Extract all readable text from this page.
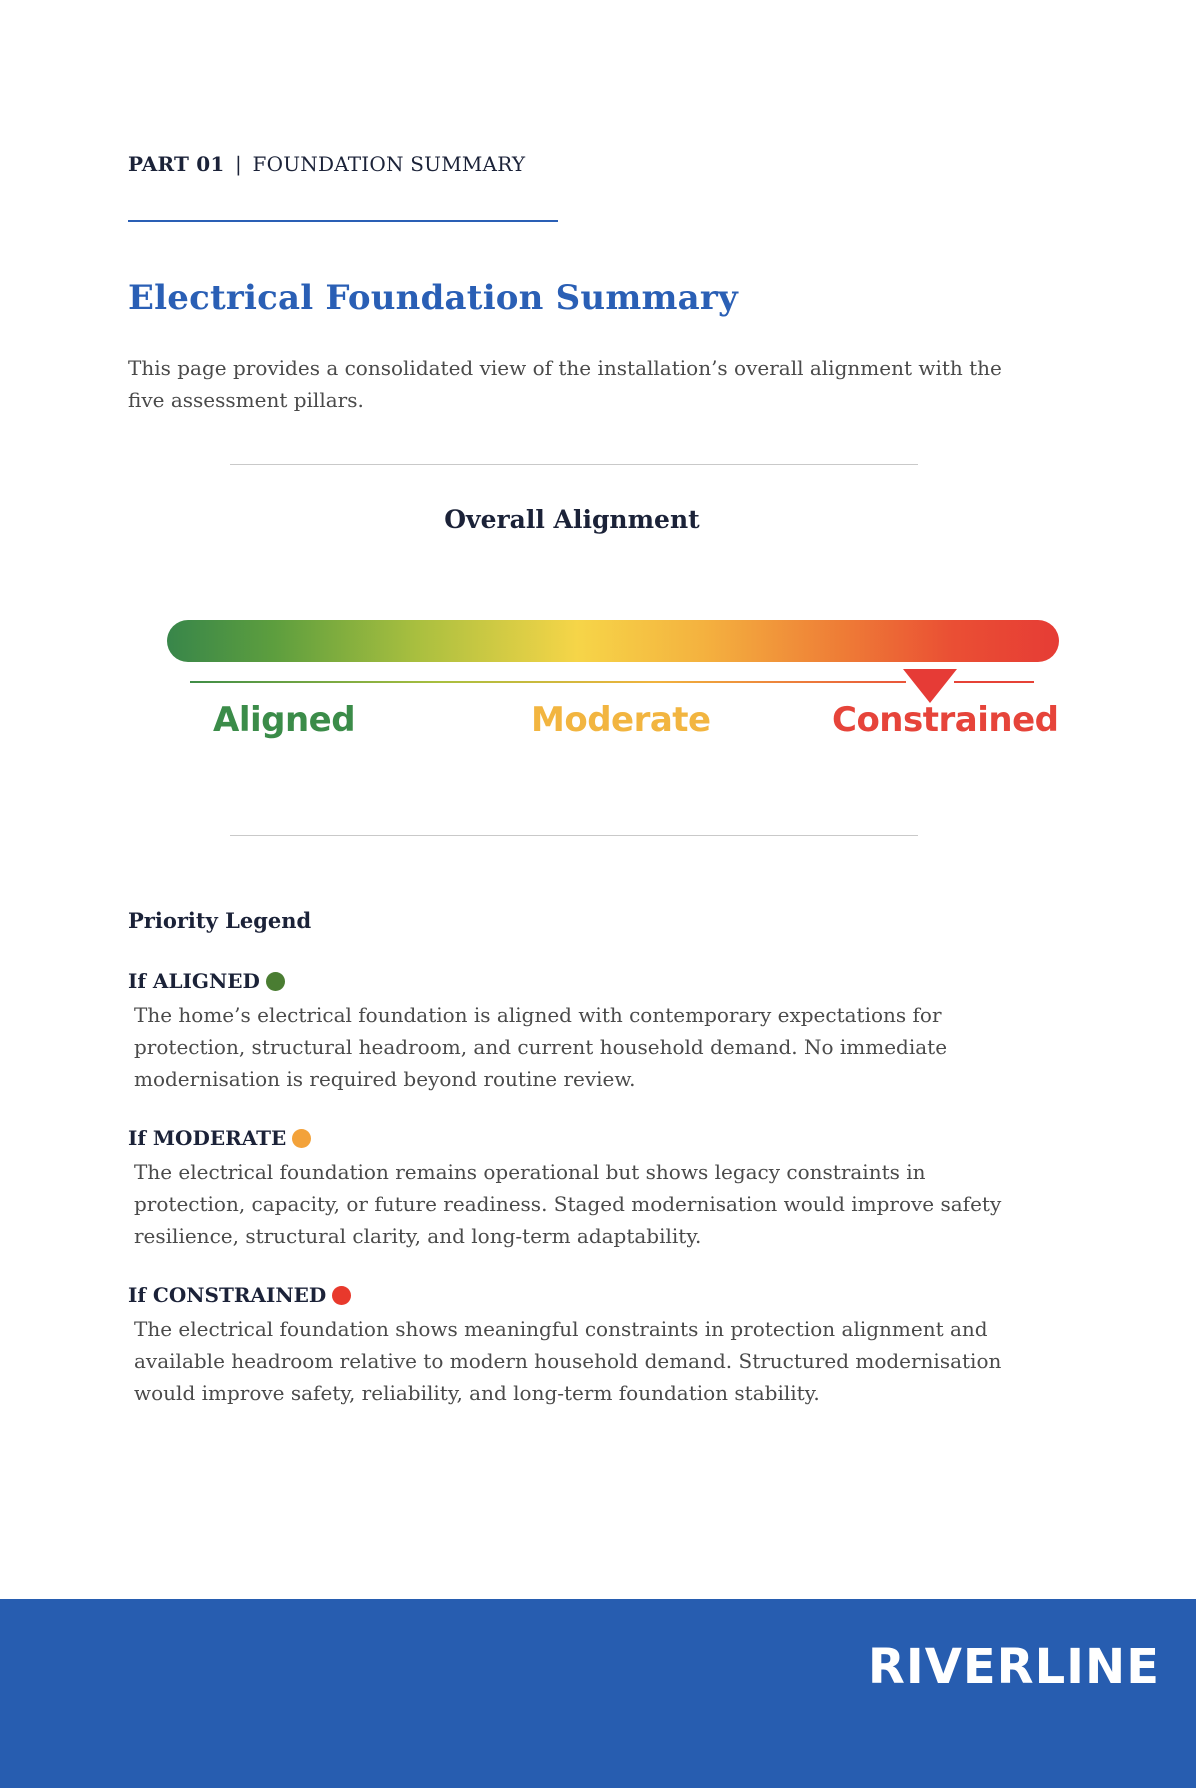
PART 01 | FOUNDATION SUMMARY
Electrical Foundation Summary

This page provides a consolidated view of the installation’s overall alignment with the five assessment pillars.

Overall Alignment
Aligned	Moderate	Constrained
Priority Legend
If ALIGNED

The home’s electrical foundation is aligned with contemporary expectations for protection, structural headroom, and current household demand. No immediate modernisation is required beyond routine review.

If MODERATE

The electrical foundation remains operational but shows legacy constraints in protection, capacity, or future readiness. Staged modernisation would improve safety resilience, structural clarity, and long-term adaptability.

If CONSTRAINED

The electrical foundation shows meaningful constraints in protection alignment and available headroom relative to modern household demand. Structured modernisation would improve safety, reliability, and long-term foundation stability.

RIVERLINE
